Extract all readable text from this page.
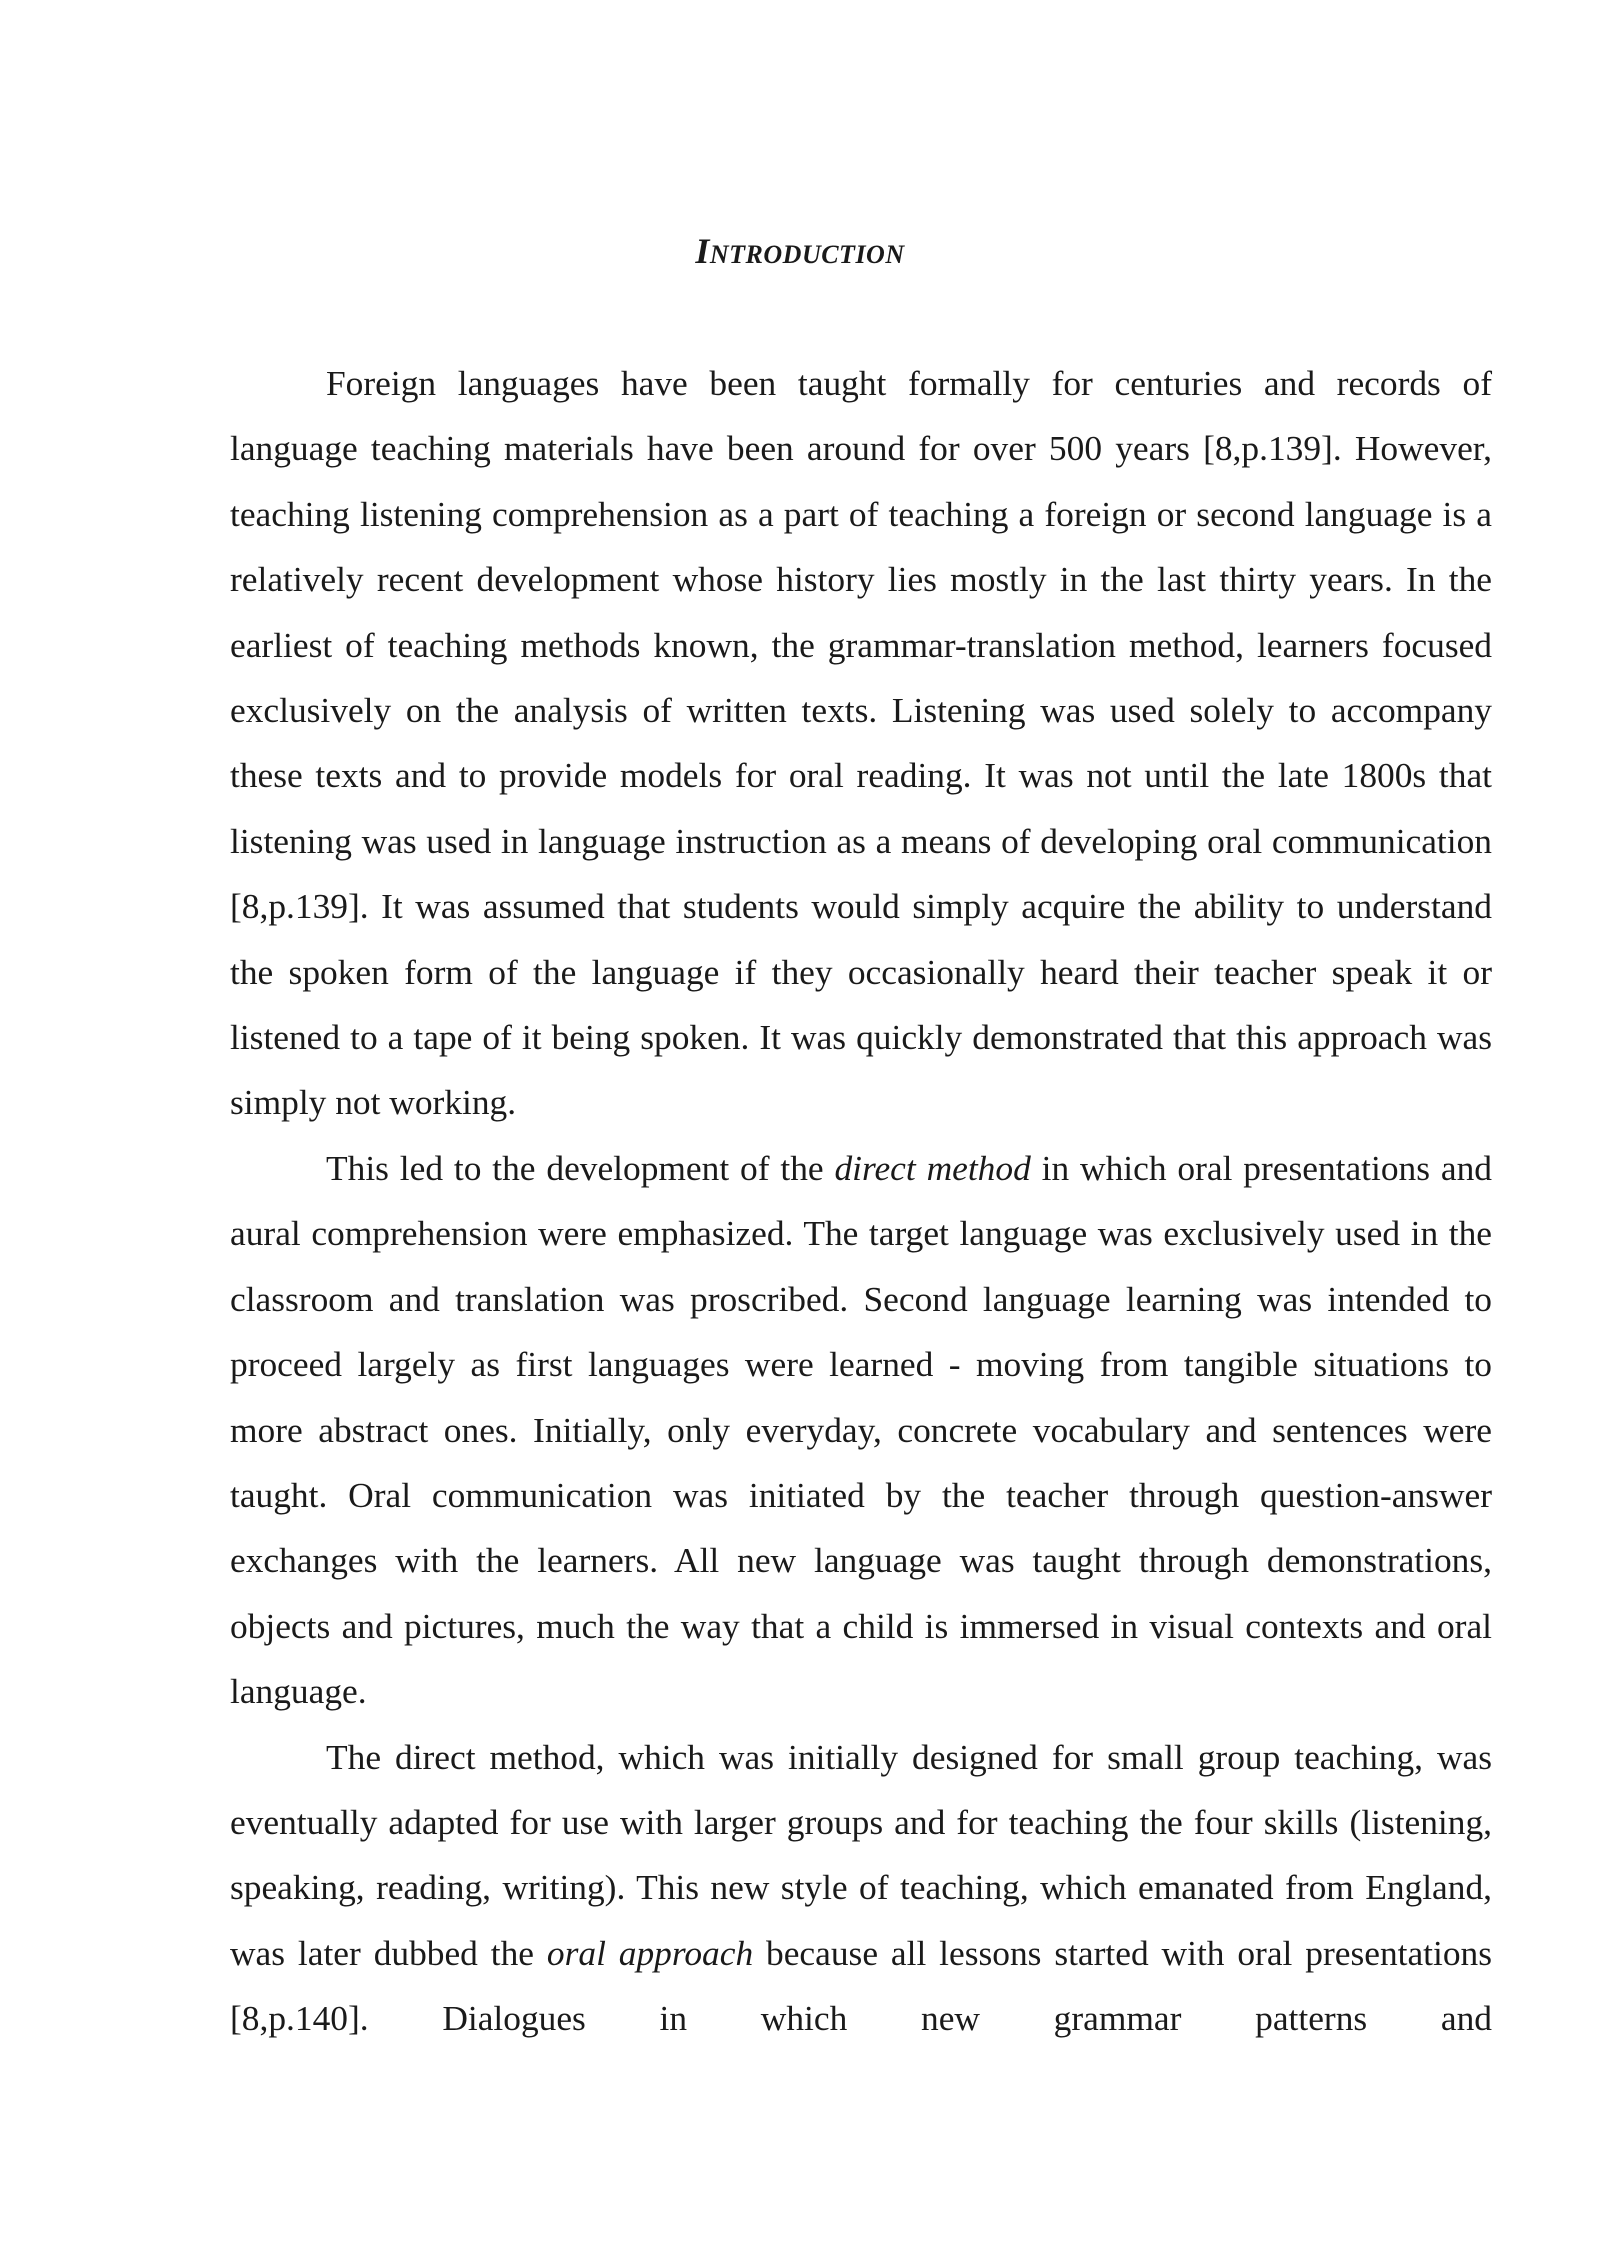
INTRODUCTION

Foreign languages have been taught formally for centuries and records of language teaching materials have been around for over 500 years [8,p.139]. However, teaching listening comprehension as a part of teaching a foreign or second language is a relatively recent development whose history lies mostly in the last thirty years. In the earliest of teaching methods known, the grammar-translation method, learners focused exclusively on the analysis of written texts. Listening was used solely to accompany these texts and to provide models for oral reading. It was not until the late 1800s that listening was used in language instruction as a means of developing oral communication [8,p.139]. It was assumed that students would simply acquire the ability to understand the spoken form of the language if they occasionally heard their teacher speak it or listened to a tape of it being spoken. It was quickly demonstrated that this approach was simply not working.

This led to the development of the direct method in which oral presentations and aural comprehension were emphasized. The target language was exclusively used in the classroom and translation was proscribed. Second language learning was intended to proceed largely as first languages were learned - moving from tangible situations to more abstract ones. Initially, only everyday, concrete vocabulary and sentences were taught. Oral communication was initiated by the teacher through question-answer exchanges with the learners. All new language was taught through demonstrations, objects and pictures, much the way that a child is immersed in visual contexts and oral language.

The direct method, which was initially designed for small group teaching, was eventually adapted for use with larger groups and for teaching the four skills (listening, speaking, reading, writing). This new style of teaching, which emanated from England, was later dubbed the oral approach because all lessons started with oral presentations [8,p.140]. Dialogues in which new grammar patterns and
